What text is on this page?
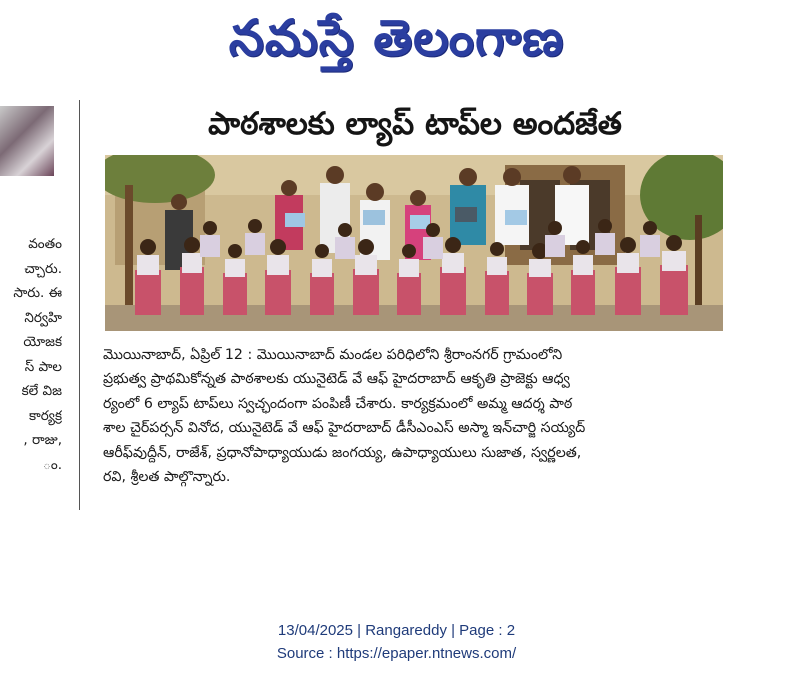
నమస్తే తెలంగాణ
వంతం
చ్చారు.
సారు. ఈ
నిర్వహి
యోజక
స్ పాల
కలే విజ
కార్యక్ర
, రాజు,
ం.
పాఠశాలకు ల్యాప్ టాప్‌ల అందజేత
మొయినాబాద్, ఏప్రిల్ 12 : మొయినాబాద్ మండల పరిధిలోని శ్రీరాంనగర్ గ్రామంలోని
ప్రభుత్వ ప్రాథమికోన్నత పాఠశాలకు యునైటెడ్ వే ఆఫ్ హైదరాబాద్ ఆకృతి ప్రాజెక్టు ఆధ్వ
ర్యంలో 6 ల్యాప్ టాప్‌లు స్వచ్ఛందంగా పంపిణీ చేశారు. కార్యక్రమంలో అమ్మ ఆదర్శ పాఠ
శాల చైర్‌పర్సన్ వినోద, యునైటెడ్ వే ఆఫ్ హైదరాబాద్ డీసీఎంఎస్ అస్మా ఇన్‌చార్జి సయ్యద్
ఆరీఫ్‌వుద్దీన్, రాజేశ్, ప్రధానోపాధ్యాయుడు జంగయ్య, ఉపాధ్యాయులు సుజాత, స్వర్ణలత,
రవి, శ్రీలత పాల్గొన్నారు.
13/04/2025 | Rangareddy | Page : 2
Source : https://epaper.ntnews.com/
